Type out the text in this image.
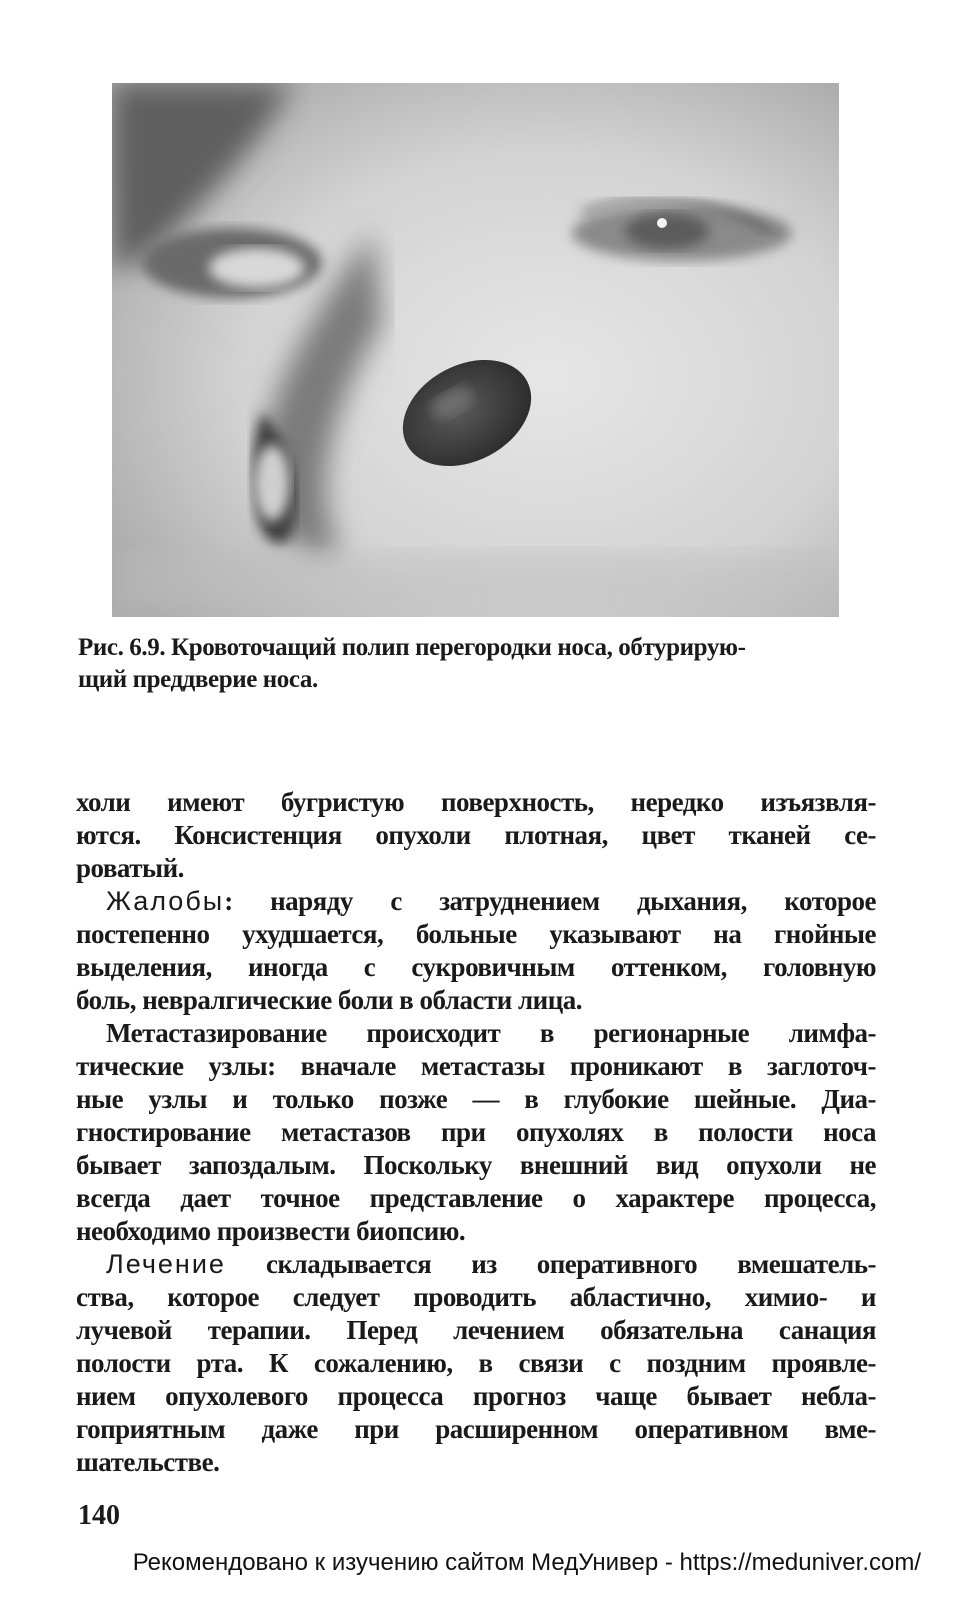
Рис. 6.9. Кровоточащий полип перегородки носа, обтурирую-
щий преддверие носа.
холи имеют бугристую поверхность, нередко изъязвля-
ются. Консистенция опухоли плотная, цвет тканей се-
роватый.
Жалобы: наряду с затруднением дыхания, которое
постепенно ухудшается, больные указывают на гнойные
выделения, иногда с сукровичным оттенком, головную
боль, невралгические боли в области лица.
Метастазирование происходит в регионарные лимфа-
тические узлы: вначале метастазы проникают в заглоточ-
ные узлы и только позже — в глубокие шейные. Диа-
гностирование метастазов при опухолях в полости носа
бывает запоздалым. Поскольку внешний вид опухоли не
всегда дает точное представление о характере процесса,
необходимо произвести биопсию.
Лечение складывается из оперативного вмешатель-
ства, которое следует проводить абластично, химио- и
лучевой терапии. Перед лечением обязательна санация
полости рта. К сожалению, в связи с поздним проявле-
нием опухолевого процесса прогноз чаще бывает небла-
гоприятным даже при расширенном оперативном вме-
шательстве.
140
Рекомендовано к изучению сайтом МедУнивер - https://meduniver.com/
